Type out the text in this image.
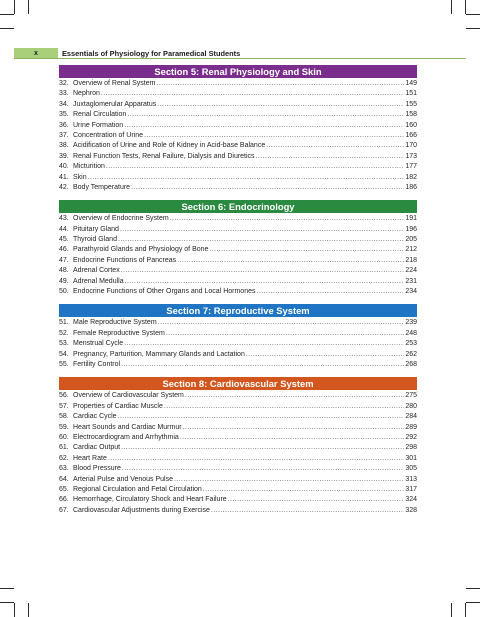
x	Essentials of Physiology for Paramedical Students
Section 5: Renal Physiology and Skin
32. Overview of Renal System .....	149
33. Nephron .....	151
34. Juxtaglomerular Apparatus .....	155
35. Renal Circulation .....	158
36. Urine Formation .....	160
37. Concentration of Urine .....	166
38. Acidification of Urine and Role of Kidney in Acid-base Balance .....	170
39. Renal Function Tests, Renal Failure, Dialysis and Diuretics .....	173
40. Micturition .....	177
41. Skin .....	182
42. Body Temperature .....	186
Section 6: Endocrinology
43. Overview of Endocrine System .....	191
44. Pituitary Gland .....	196
45. Thyroid Gland .....	205
46. Parathyroid Glands and Physiology of Bone .....	212
47. Endocrine Functions of Pancreas .....	218
48. Adrenal Cortex .....	224
49. Adrenal Medulla .....	231
50. Endocrine Functions of Other Organs and Local Hormones .....	234
Section 7: Reproductive System
51. Male Reproductive System .....	239
52. Female Reproductive System .....	248
53. Menstrual Cycle .....	253
54. Pregnancy, Parturition, Mammary Glands and Lactation .....	262
55. Fertility Control .....	268
Section 8: Cardiovascular System
56. Overview of Cardiovascular System .....	275
57. Properties of Cardiac Muscle .....	280
58. Cardiac Cycle .....	284
59. Heart Sounds and Cardiac Murmur .....	289
60. Electrocardiogram and Arrhythmia .....	292
61. Cardiac Output .....	298
62. Heart Rate .....	301
63. Blood Pressure .....	305
64. Arterial Pulse and Venous Pulse .....	313
65. Regional Circulation and Fetal Circulation .....	317
66. Hemorrhage, Circulatory Shock and Heart Failure .....	324
67. Cardiovascular Adjustments during Exercise .....	328
